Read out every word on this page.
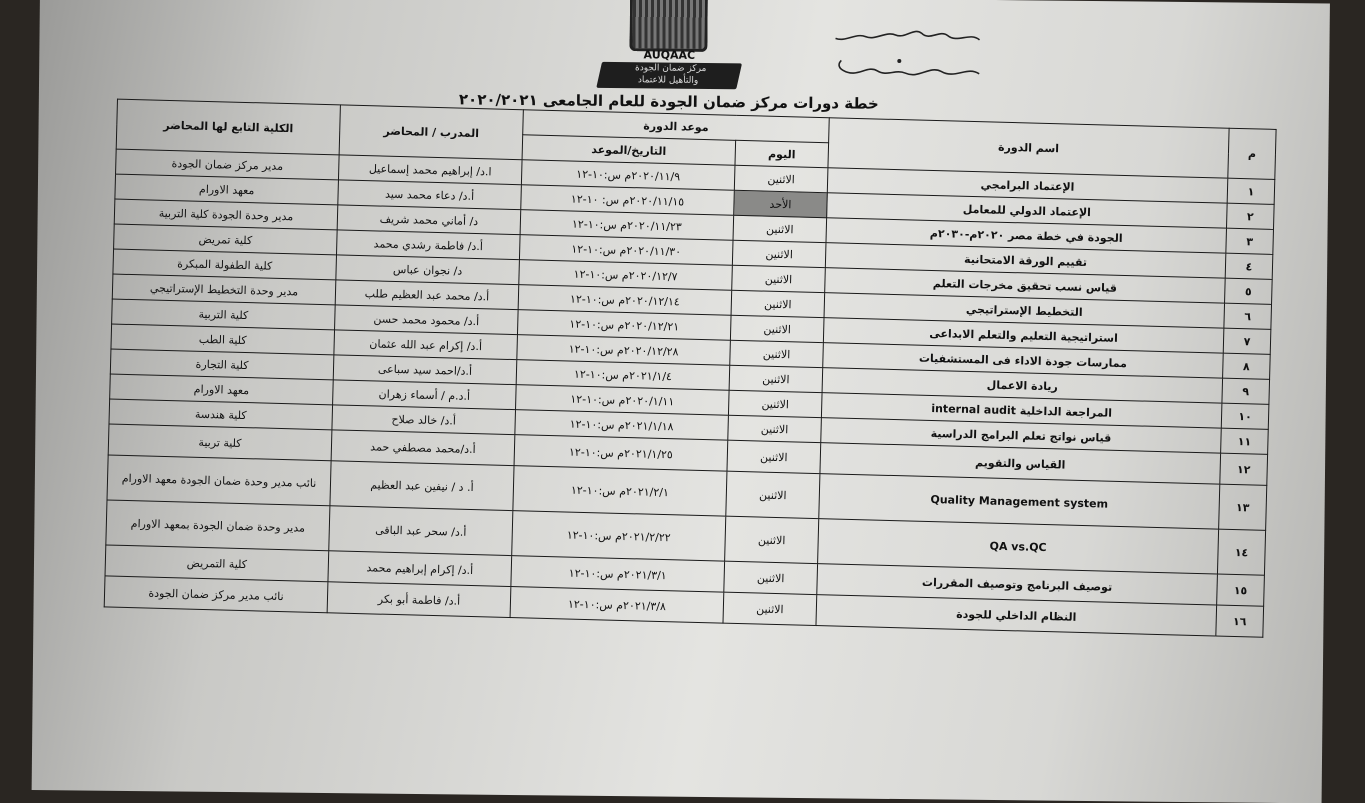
AUQAAC
مركز ضمان الجودة
والتأهيل للاعتماد
خطة دورات مركز ضمان الجودة للعام الجامعى ٢٠٢٠/٢٠٢١
م	اسم الدورة	موعد الدورة		المدرب / المحاضر	الكلية التابع لها المحاضر
		اليوم	التاريخ/الموعد		
١	الإعتماد البرامجي	الاثنين	٢٠٢٠/١١/٩م س:١٠-١٢	ا.د/ إبراهيم محمد إسماعيل	مدير مركز ضمان الجودة
٢	الإعتماد الدولي للمعامل	الأحد	٢٠٢٠/١١/١٥م س: ١٠-١٢	أ.د/ دعاء محمد سيد	معهد الاورام
٣	الجودة في خطة مصر ٢٠٢٠م-٢٠٣٠م	الاثنين	٢٠٢٠/١١/٢٣م س:١٠-١٢	د/ أماني محمد شريف	مدير وحدة الجودة كلية التربية
٤	تقييم الورقة الامتحانية	الاثنين	٢٠٢٠/١١/٣٠م س:١٠-١٢	أ.د/ فاطمة رشدي محمد	كلية تمريض
٥	قياس نسب تحقيق مخرجات التعلم	الاثنين	٢٠٢٠/١٢/٧م س:١٠-١٢	د/ نجوان عباس	كلية الطفولة المبكرة
٦	التخطيط الإستراتيجي	الاثنين	٢٠٢٠/١٢/١٤م س:١٠-١٢	أ.د/ محمد عبد العظيم طلب	مدير وحدة التخطيط الإستراتيجي
٧	استراتيجية التعليم والتعلم الابداعى	الاثنين	٢٠٢٠/١٢/٢١م س:١٠-١٢	أ.د/ محمود محمد حسن	كلية التربية
٨	ممارسات جودة الاداء فى المستشفيات	الاثنين	٢٠٢٠/١٢/٢٨م س:١٠-١٢	أ.د/ إكرام عبد الله عثمان	كلية الطب
٩	ريادة الاعمال	الاثنين	٢٠٢١/١/٤م س:١٠-١٢	أ.د/احمد سيد سباعى	كلية التجارة
١٠	المراجعة الداخلية internal audit	الاثنين	٢٠٢٠/١/١١م س:١٠-١٢	أ.د.م / أسماء زهران	معهد الاورام
١١	قياس نواتج تعلم البرامج الدراسية	الاثنين	٢٠٢١/١/١٨م س:١٠-١٢	أ.د/ خالد صلاح	كلية هندسة
١٢	القياس والتقويم	الاثنين	٢٠٢١/١/٢٥م س:١٠-١٢	أ.د/محمد مصطفي حمد	كلية تربية
١٣	Quality Management system	الاثنين	٢٠٢١/٢/١م س:١٠-١٢	أ. د / نيفين عبد العظيم	نائب مدير وحدة ضمان الجودة معهد الاورام
١٤	QA vs.QC	الاثنين	٢٠٢١/٢/٢٢م س:١٠-١٢	أ.د/ سحر عبد الباقى	مدير وحدة ضمان الجودة بمعهد الاورام
١٥	توصيف البرنامج وتوصيف المقررات	الاثنين	٢٠٢١/٣/١م س:١٠-١٢	أ.د/ إكرام إبراهيم محمد	كلية التمريض
١٦	النظام الداخلي للجودة	الاثنين	٢٠٢١/٣/٨م س:١٠-١٢	أ.د/ فاطمة أبو بكر	نائب مدير مركز ضمان الجودة
